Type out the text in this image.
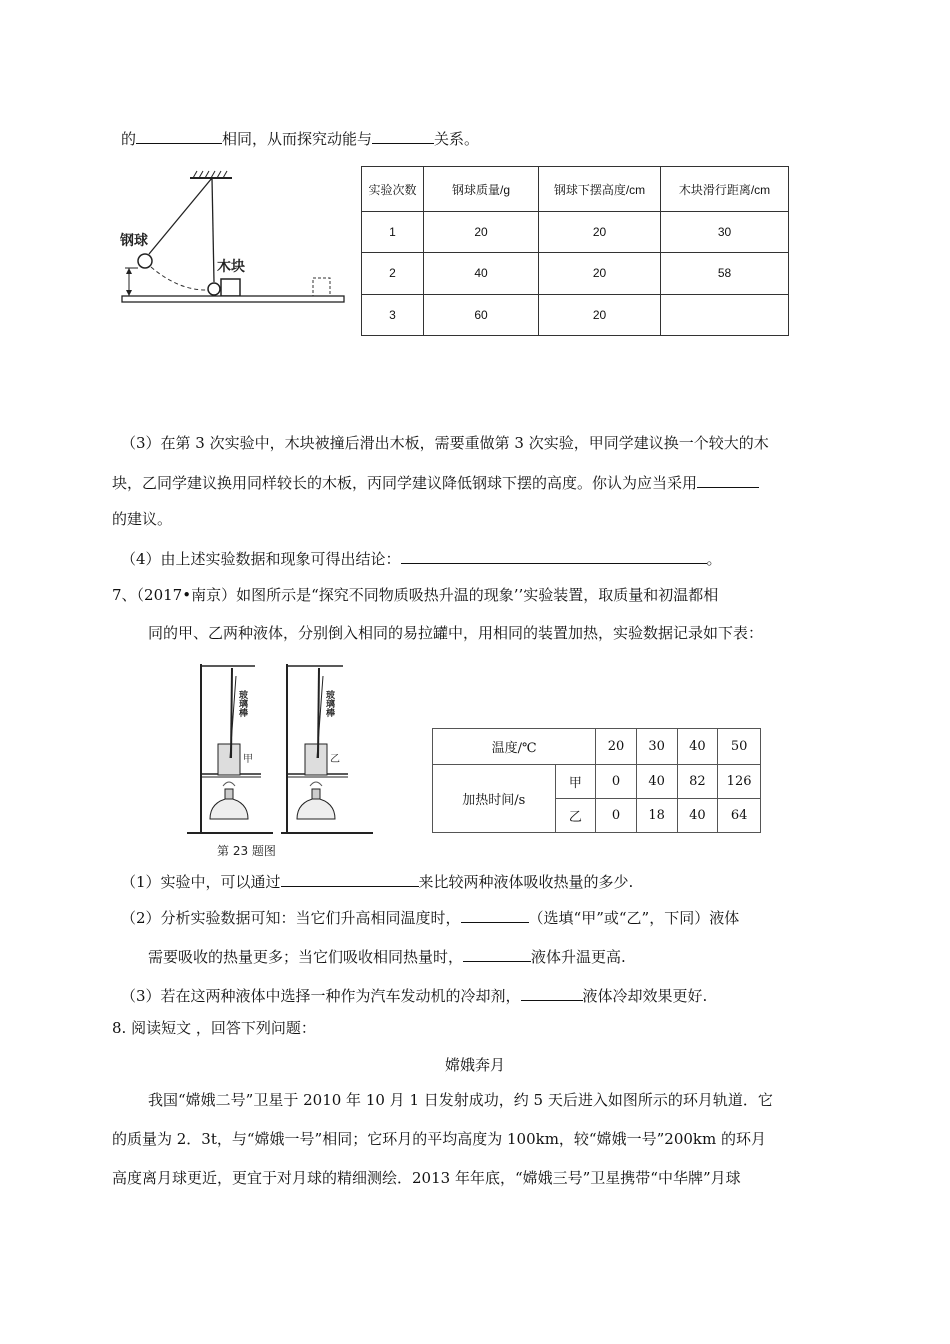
的	相同，从而探究动能与	关系。
钢球
木块
实验次数	钢球质量/g	钢球下摆高度/cm	木块滑行距离/cm
1	20	20	30
2	40	20	58
3	60	20	
（3）在第 3 次实验中，木块被撞后滑出木板，需要重做第 3 次实验，甲同学建议换一个较大的木
块，乙同学建议换用同样较长的木板，丙同学建议降低钢球下摆的高度。你认为应当采用
的建议。
（4）由上述实验数据和现象可得出结论：	。
7、（2017•南京）如图所示是“探究不同物质吸热升温的现象’’实验装置，取质量和初温都相
同的甲、乙两种液体，分别倒入相同的易拉罐中，用相同的装置加热，实验数据记录如下表：
玻璃棒	玻璃棒
甲	乙
第 23 题图
温度/℃		20	30	40	50
加热时间/s	甲	0	40	82	126
	乙	0	18	40	64
（1）实验中，可以通过	来比较两种液体吸收热量的多少.
（2）分析实验数据可知：当它们升高相同温度时，	（选填“甲”或“乙”，下同）液体
需要吸收的热量更多；当它们吸收相同热量时，	液体升温更高.
（3）若在这两种液体中选择一种作为汽车发动机的冷却剂，	液体冷却效果更好.
8. 阅读短文 ，回答下列问题：
嫦娥奔月
我国“嫦娥二号”卫星于 2010 年 10 月 1 日发射成功，约 5 天后进入如图所示的环月轨道．它
的质量为 2．3t，与“嫦娥一号”相同；它环月的平均高度为 100km，较“嫦娥一号”200km 的环月
高度离月球更近，更宜于对月球的精细测绘．2013 年年底，“嫦娥三号”卫星携带“中华牌”月球
